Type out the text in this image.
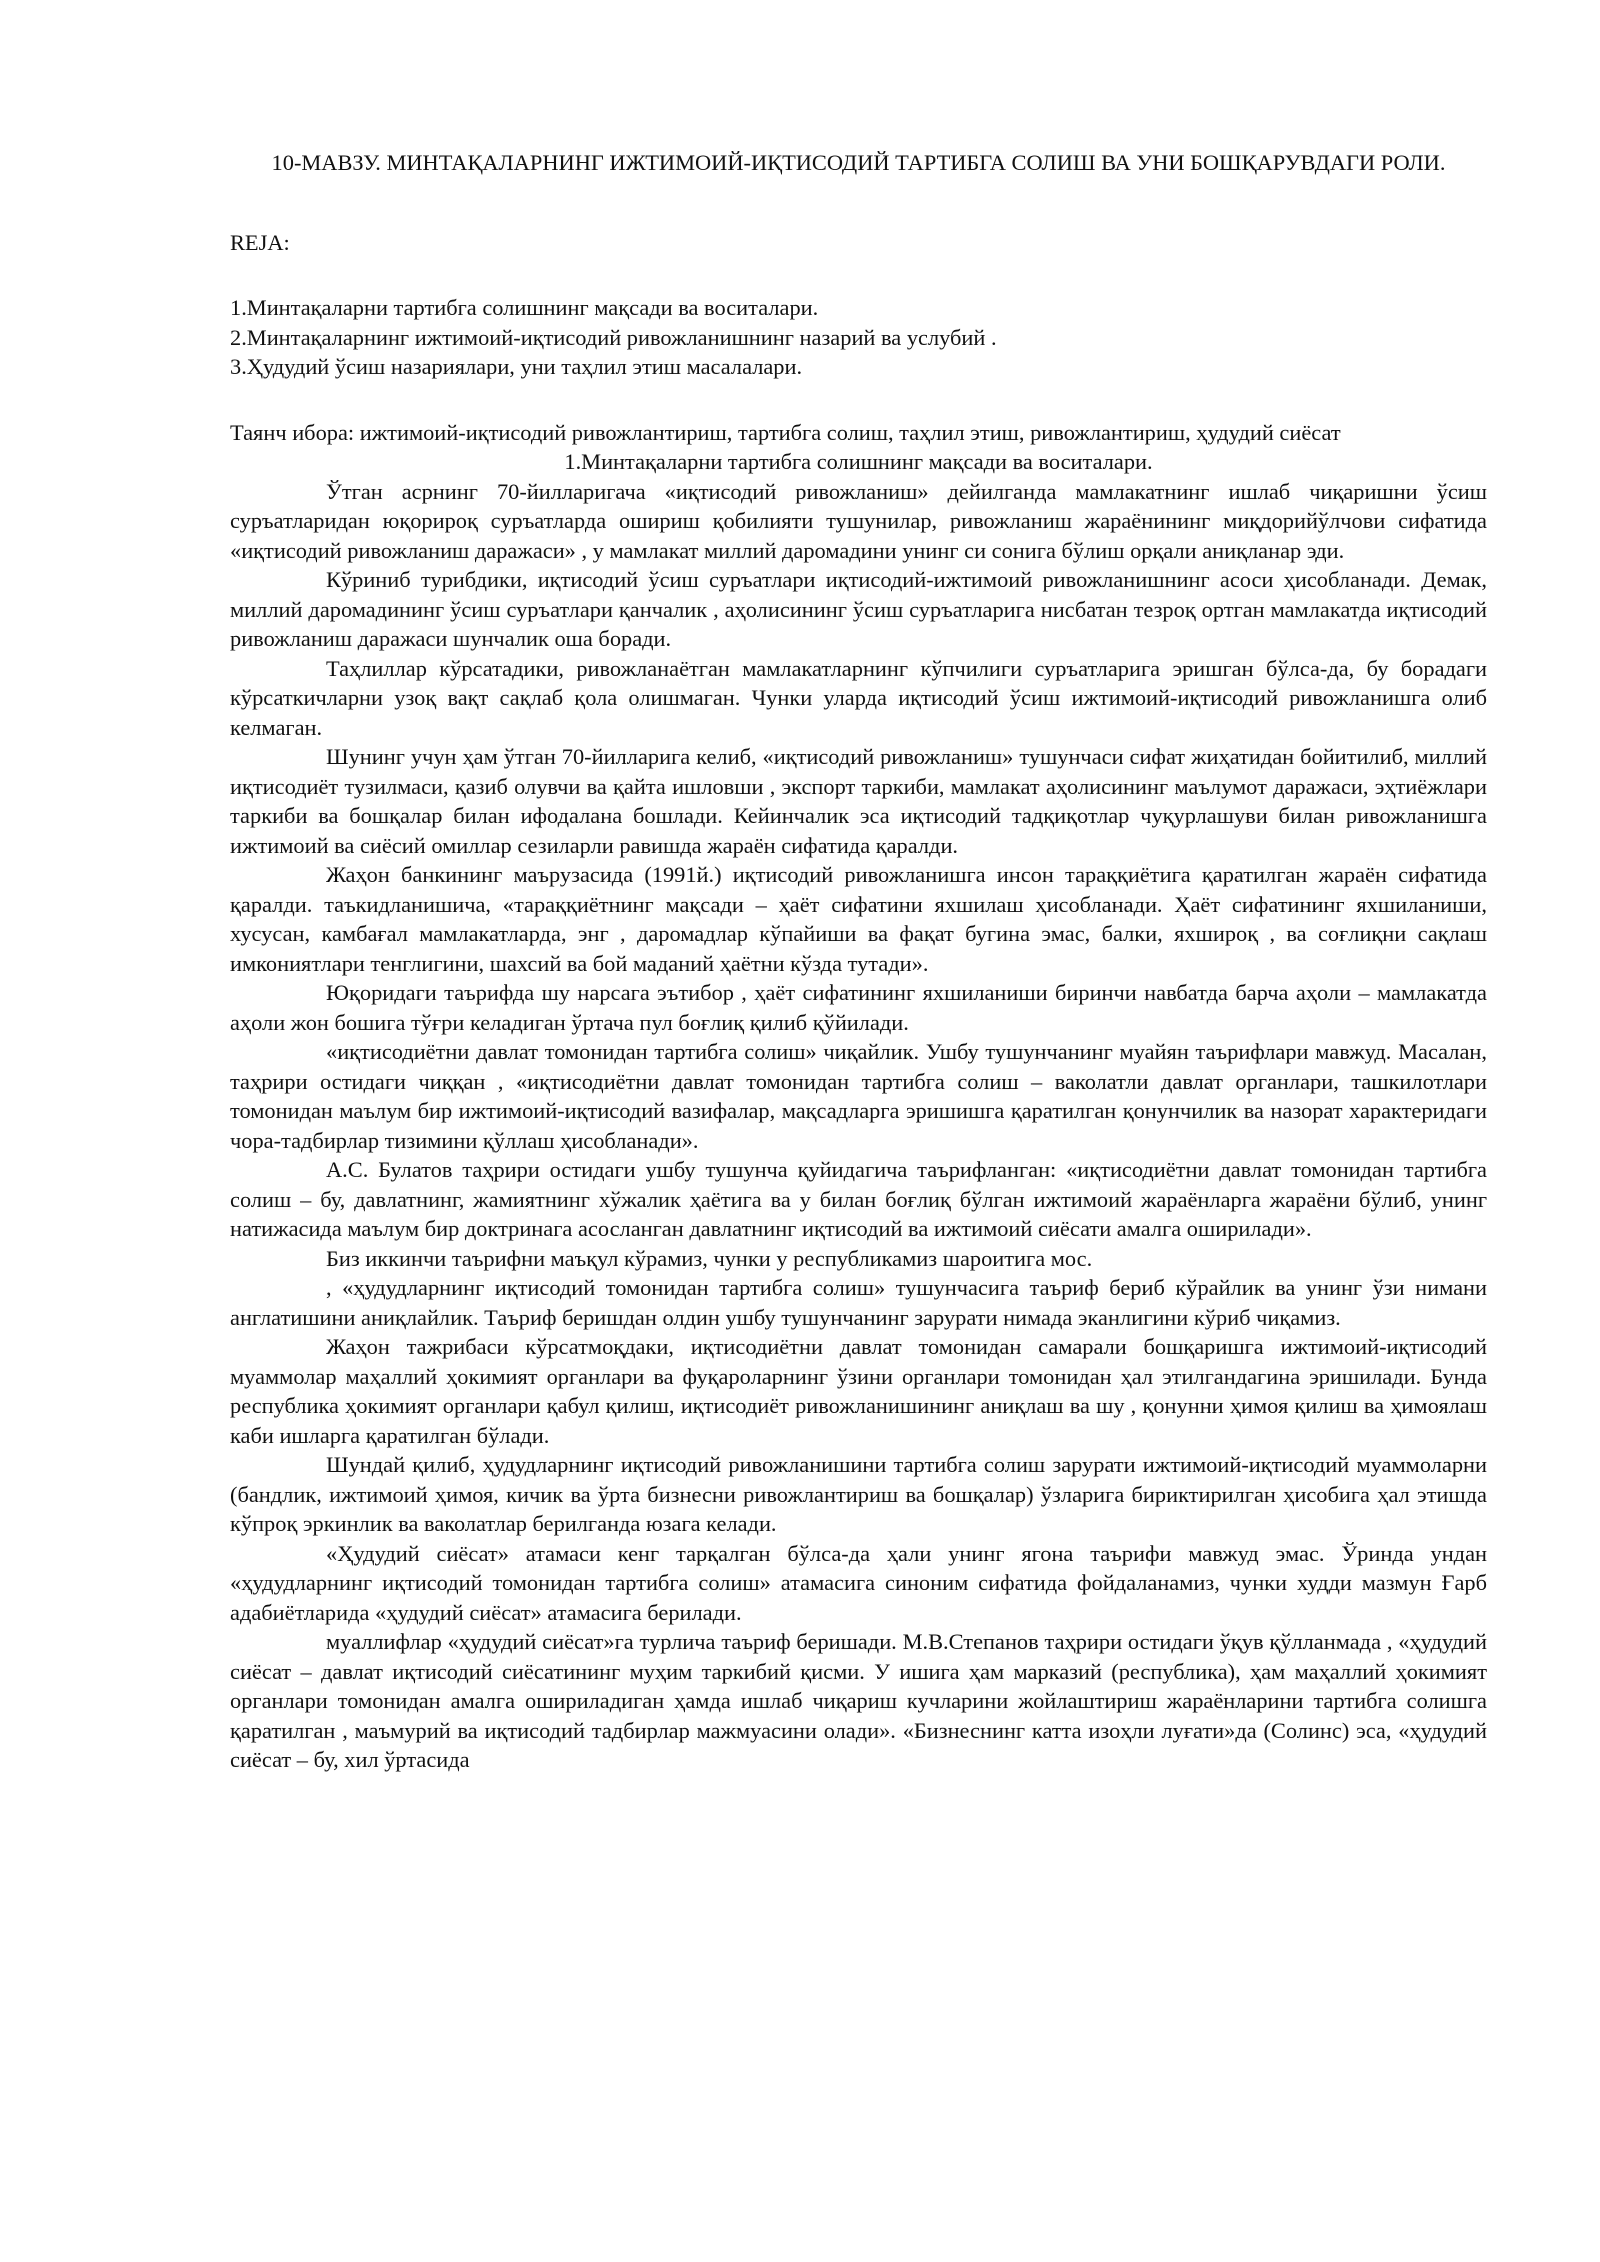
10-МАВЗУ. МИНТАҚАЛАРНИНГ ИЖТИМОИЙ-ИҚТИСОДИЙ ТАРТИБГА СОЛИШ ВА УНИ БОШҚАРУВДАГИ РОЛИ.
REJA:
1.Минтақаларни тартибга солишнинг мақсади ва воситалари.
2.Минтақаларнинг ижтимоий-иқтисодий ривожланишнинг назарий ва услубий .
3.Ҳудудий ўсиш назариялари, уни таҳлил этиш масалалари.
Таянч ибора: ижтимоий-иқтисодий ривожлантириш, тартибга солиш, таҳлил этиш, ривожлантириш, ҳудудий сиёсат
1.Минтақаларни тартибга солишнинг мақсади ва воситалари.

Ўтган асрнинг 70-йилларигача «иқтисодий ривожланиш» дейилганда мамлакатнинг ишлаб чиқаришни ўсиш суръатларидан юқорироқ суръатларда ошириш қобилияти тушунилар, ривожланиш жараёнининг миқдорийўлчови сифатида «иқтисодий ривожланиш даражаси» , у мамлакат миллий даромадини унинг си сонига бўлиш орқали аниқланар эди.

Кўриниб турибдики, иқтисодий ўсиш суръатлари иқтисодий-ижтимоий ривожланишнинг асоси ҳисобланади. Демак, миллий даромадининг ўсиш суръатлари қанчалик , аҳолисининг ўсиш суръатларига нисбатан тезроқ ортган мамлакатда иқтисодий ривожланиш даражаси шунчалик оша боради.

Таҳлиллар кўрсатадики, ривожланаётган мамлакатларнинг кўпчилиги суръатларига эришган бўлса-да, бу борадаги кўрсаткичларни узоқ вақт сақлаб қола олишмаган. Чунки уларда иқтисодий ўсиш ижтимоий-иқтисодий ривожланишга олиб келмаган.

Шунинг учун ҳам ўтган 70-йилларига келиб, «иқтисодий ривожланиш» тушунчаси сифат жиҳатидан бойитилиб, миллий иқтисодиёт тузилмаси, қазиб олувчи ва қайта ишловши , экспорт таркиби, мамлакат аҳолисининг маълумот даражаси, эҳтиёжлари таркиби ва бошқалар билан ифодалана бошлади. Кейинчалик эса иқтисодий тадқиқотлар чуқурлашуви билан ривожланишга ижтимоий ва сиёсий омиллар сезиларли равишда жараён сифатида қаралди.

Жаҳон банкининг маърузасида (1991й.) иқтисодий ривожланишга инсон тараққиётига қаратилган жараён сифатида қаралди. таъкидланишича, «тараққиётнинг мақсади – ҳаёт сифатини яхшилаш ҳисобланади. Ҳаёт сифатининг яхшиланиши, хусусан, камбағал мамлакатларда, энг , даромадлар кўпайиши ва фақат бугина эмас, балки, яхшироқ , ва соғлиқни сақлаш имкониятлари тенглигини, шахсий ва бой маданий ҳаётни кўзда тутади».

Юқоридаги таърифда шу нарсага эътибор , ҳаёт сифатининг яхшиланиши биринчи навбатда барча аҳоли – мамлакатда аҳоли жон бошига тўғри келадиган ўртача пул боғлиқ қилиб қўйилади.

«иқтисодиётни давлат томонидан тартибга солиш» чиқайлик. Ушбу тушунчанинг муайян таърифлари мавжуд. Масалан, таҳрири остидаги чиққан , «иқтисодиётни давлат томонидан тартибга солиш – ваколатли давлат органлари, ташкилотлари томонидан маълум бир ижтимоий-иқтисодий вазифалар, мақсадларга эришишга қаратилган қонунчилик ва назорат характеридаги чора-тадбирлар тизимини қўллаш ҳисобланади».

А.С. Булатов таҳрири остидаги ушбу тушунча қуйидагича таърифланган: «иқтисодиётни давлат томонидан тартибга солиш – бу, давлатнинг, жамиятнинг хўжалик ҳаётига ва у билан боғлиқ бўлган ижтимоий жараёнларга жараёни бўлиб, унинг натижасида маълум бир доктринага асосланган давлатнинг иқтисодий ва ижтимоий сиёсати амалга оширилади».

Биз иккинчи таърифни маъқул кўрамиз, чунки у республикамиз шароитига мос.

, «ҳудудларнинг иқтисодий томонидан тартибга солиш» тушунчасига таъриф бериб кўрайлик ва унинг ўзи нимани англатишини аниқлайлик. Таъриф беришдан олдин ушбу тушунчанинг зарурати нимада эканлигини кўриб чиқамиз.

Жаҳон тажрибаси кўрсатмоқдаки, иқтисодиётни давлат томонидан самарали бошқаришга ижтимоий-иқтисодий муаммолар маҳаллий ҳокимият органлари ва фуқароларнинг ўзини органлари томонидан ҳал этилгандагина эришилади. Бунда республика ҳокимият органлари қабул қилиш, иқтисодиёт ривожланишининг аниқлаш ва шу , қонунни ҳимоя қилиш ва ҳимоялаш каби ишларга қаратилган бўлади.

Шундай қилиб, ҳудудларнинг иқтисодий ривожланишини тартибга солиш зарурати ижтимоий-иқтисодий муаммоларни (бандлик, ижтимоий ҳимоя, кичик ва ўрта бизнесни ривожлантириш ва бошқалар) ўзларига бириктирилган ҳисобига ҳал этишда кўпроқ эркинлик ва ваколатлар берилганда юзага келади.

«Ҳудудий сиёсат» атамаси кенг тарқалган бўлса-да ҳали унинг ягона таърифи мавжуд эмас. Ўринда ундан «ҳудудларнинг иқтисодий томонидан тартибга солиш» атамасига синоним сифатида фойдаланамиз, чунки худди мазмун Ғарб адабиётларида «ҳудудий сиёсат» атамасига берилади.

муаллифлар «ҳудудий сиёсат»га турлича таъриф беришади. М.В.Степанов таҳрири остидаги ўқув қўлланмада , «ҳудудий сиёсат – давлат иқтисодий сиёсатининг муҳим таркибий қисми. У ишига ҳам марказий (республика), ҳам маҳаллий ҳокимият органлари томонидан амалга ошириладиган ҳамда ишлаб чиқариш кучларини жойлаштириш жараёнларини тартибга солишга қаратилган , маъмурий ва иқтисодий тадбирлар мажмуасини олади». «Бизнеснинг катта изоҳли луғати»да (Солинс) эса, «ҳудудий сиёсат – бу, хил ўртасида
